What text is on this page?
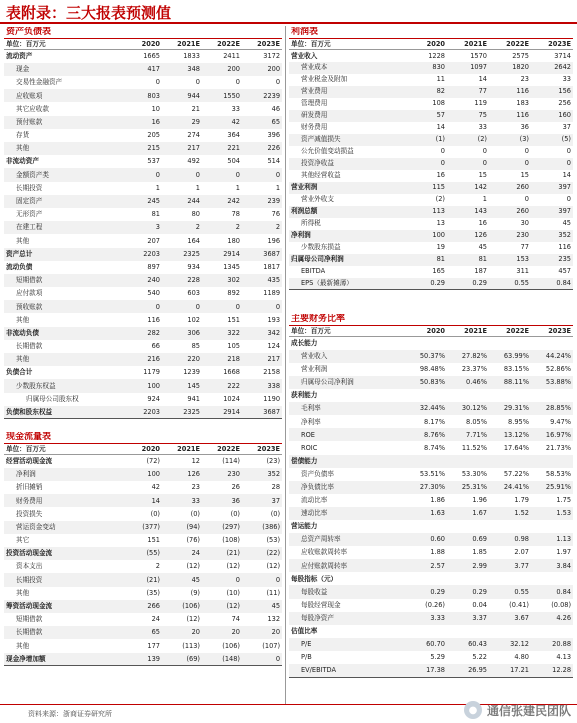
表附录：三大报表预测值
资产负债表				
单位：百万元	2020	2021E	2022E	2023E
流动资产	1665	1833	2411	3172
现金	417	348	200	200
交易性金融资产	0	0	0	0
应收账项	803	944	1550	2239
其它应收款	10	21	33	46
预付账款	16	29	42	65
存货	205	274	364	396
其他	215	217	221	226
非流动资产	537	492	504	514
金额资产类	0	0	0	0
长期投资	1	1	1	1
固定资产	245	244	242	239
无形资产	81	80	78	76
在建工程	3	2	2	2
其他	207	164	180	196
资产总计	2203	2325	2914	3687
流动负债	897	934	1345	1817
短期借款	240	228	302	435
应付款项	540	603	892	1189
预收账款	0	0	0	0
其他	116	102	151	193
非流动负债	282	306	322	342
长期借款	66	85	105	124
其他	216	220	218	217
负债合计	1179	1239	1668	2158
少数股东权益	100	145	222	338
归属母公司股东权	924	941	1024	1190
负债和股东权益	2203	2325	2914	3687
现金流量表				
单位：百万元	2020	2021E	2022E	2023E
经营活动现金流	(72)	12	(114)	(23)
净利润	100	126	230	352
折旧摊销	42	23	26	28
财务费用	14	33	36	37
投资损失	(0)	(0)	(0)	(0)
营运资金变动	(377)	(94)	(297)	(386)
其它	151	(76)	(108)	(53)
投资活动现金流	(55)	24	(21)	(22)
资本支出	2	(12)	(12)	(12)
长期投资	(21)	45	0	0
其他	(35)	(9)	(10)	(11)
筹资活动现金流	266	(106)	(12)	45
短期借款	24	(12)	74	132
长期借款	65	20	20	20
其他	177	(113)	(106)	(107)
现金净增加额	139	(69)	(148)	0
利润表				
单位：百万元	2020	2021E	2022E	2023E
营业收入	1228	1570	2575	3714
营业成本	830	1097	1820	2642
营业税金及附加	11	14	23	33
营业费用	82	77	116	156
管理费用	108	119	183	256
研发费用	57	75	116	160
财务费用	14	33	36	37
资产减值损失	(1)	(2)	(3)	(5)
公允价值变动损益	0	0	0	0
投资净收益	0	0	0	0
其他经营收益	16	15	15	14
营业利润	115	142	260	397
营业外收支	(2)	1	0	0
利润总额	113	143	260	397
所得税	13	16	30	45
净利润	100	126	230	352
少数股东损益	19	45	77	116
归属母公司净利润	81	81	153	235
EBITDA	165	187	311	457
EPS（最新摊薄）	0.29	0.29	0.55	0.84
主要财务比率				
单位：百万元	2020	2021E	2022E	2023E
成长能力				
营业收入	50.37%	27.82%	63.99%	44.24%
营业利润	98.48%	23.37%	83.15%	52.86%
归属母公司净利润	50.83%	0.46%	88.11%	53.88%
获利能力				
毛利率	32.44%	30.12%	29.31%	28.85%
净利率	8.17%	8.05%	8.95%	9.47%
ROE	8.76%	7.71%	13.12%	16.97%
ROIC	8.74%	11.52%	17.64%	21.73%
偿债能力				
资产负债率	53.51%	53.30%	57.22%	58.53%
净负债比率	27.30%	25.31%	24.41%	25.91%
流动比率	1.86	1.96	1.79	1.75
速动比率	1.63	1.67	1.52	1.53
营运能力				
总资产周转率	0.60	0.69	0.98	1.13
应收账款周转率	1.88	1.85	2.07	1.97
应付账款周转率	2.57	2.99	3.77	3.84
每股指标（元）				
每股收益	0.29	0.29	0.55	0.84
每股经营现金	(0.26)	0.04	(0.41)	(0.08)
每股净资产	3.33	3.37	3.67	4.26
估值比率				
P/E	60.70	60.43	32.12	20.88
P/B	5.29	5.22	4.80	4.13
EV/EBITDA	17.38	26.95	17.21	12.28
资料来源：浙商证券研究所	● 通信张建民团队
